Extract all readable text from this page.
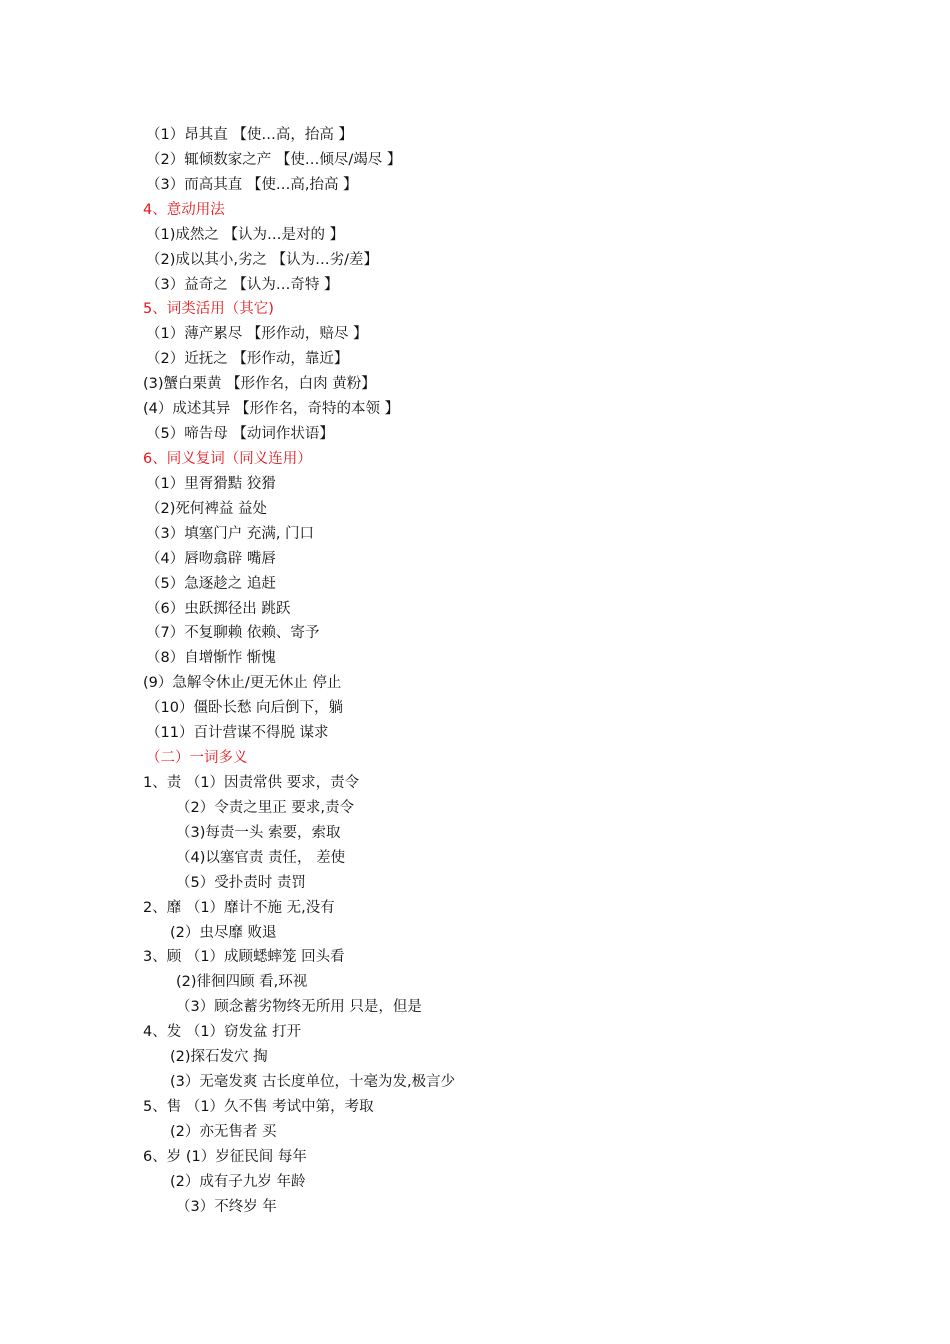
（1）昂其直 【使…高，抬高 】
（2）辄倾数家之产 【使…倾尽/竭尽 】
（3）而高其直 【使…高,抬高 】
4、意动用法
（1)成然之 【认为…是对的 】
（2)成以其小,劣之 【认为…劣/差】
（3）益奇之 【认为…奇特 】
5、词类活用（其它)
（1）薄产累尽 【形作动，赔尽 】
（2）近抚之 【形作动，靠近】
(3)蟹白栗黄 【形作名，白肉 黄粉】
(4）成述其异 【形作名，奇特的本领 】
（5）啼告母 【动词作状语】
6、同义复词（同义连用）
（1）里胥猾黠 狡猾
（2)死何裨益 益处
（3）填塞门户 充满, 门口
（4）唇吻翕辟 嘴唇
（5）急逐趁之 追赶
（6）虫跃掷径出 跳跃
（7）不复聊赖 依赖、寄予
（8）自增惭怍 惭愧
(9）急解令休止/更无休止 停止
（10）僵卧长愁 向后倒下，躺
（11）百计营谋不得脱 谋求
（二）一词多义
1、责 （1）因责常供 要求，责令
（2）令责之里正 要求,责令
（3)每责一头 索要，索取
（4)以塞官责 责任， 差使
（5）受扑责时 责罚
2、靡 （1）靡计不施 无,没有
(2）虫尽靡 败退
3、顾 （1）成顾蟋蟀笼 回头看
(2)徘徊四顾 看,环视
（3）顾念蓄劣物终无所用 只是，但是
4、发 （1）窃发盆 打开
(2)探石发穴 掏
(3）无毫发爽 古长度单位，十毫为发,极言少
5、售 （1）久不售 考试中第，考取
(2）亦无售者 买
6、岁 (1）岁征民间 每年
(2）成有子九岁 年龄
（3）不终岁 年
